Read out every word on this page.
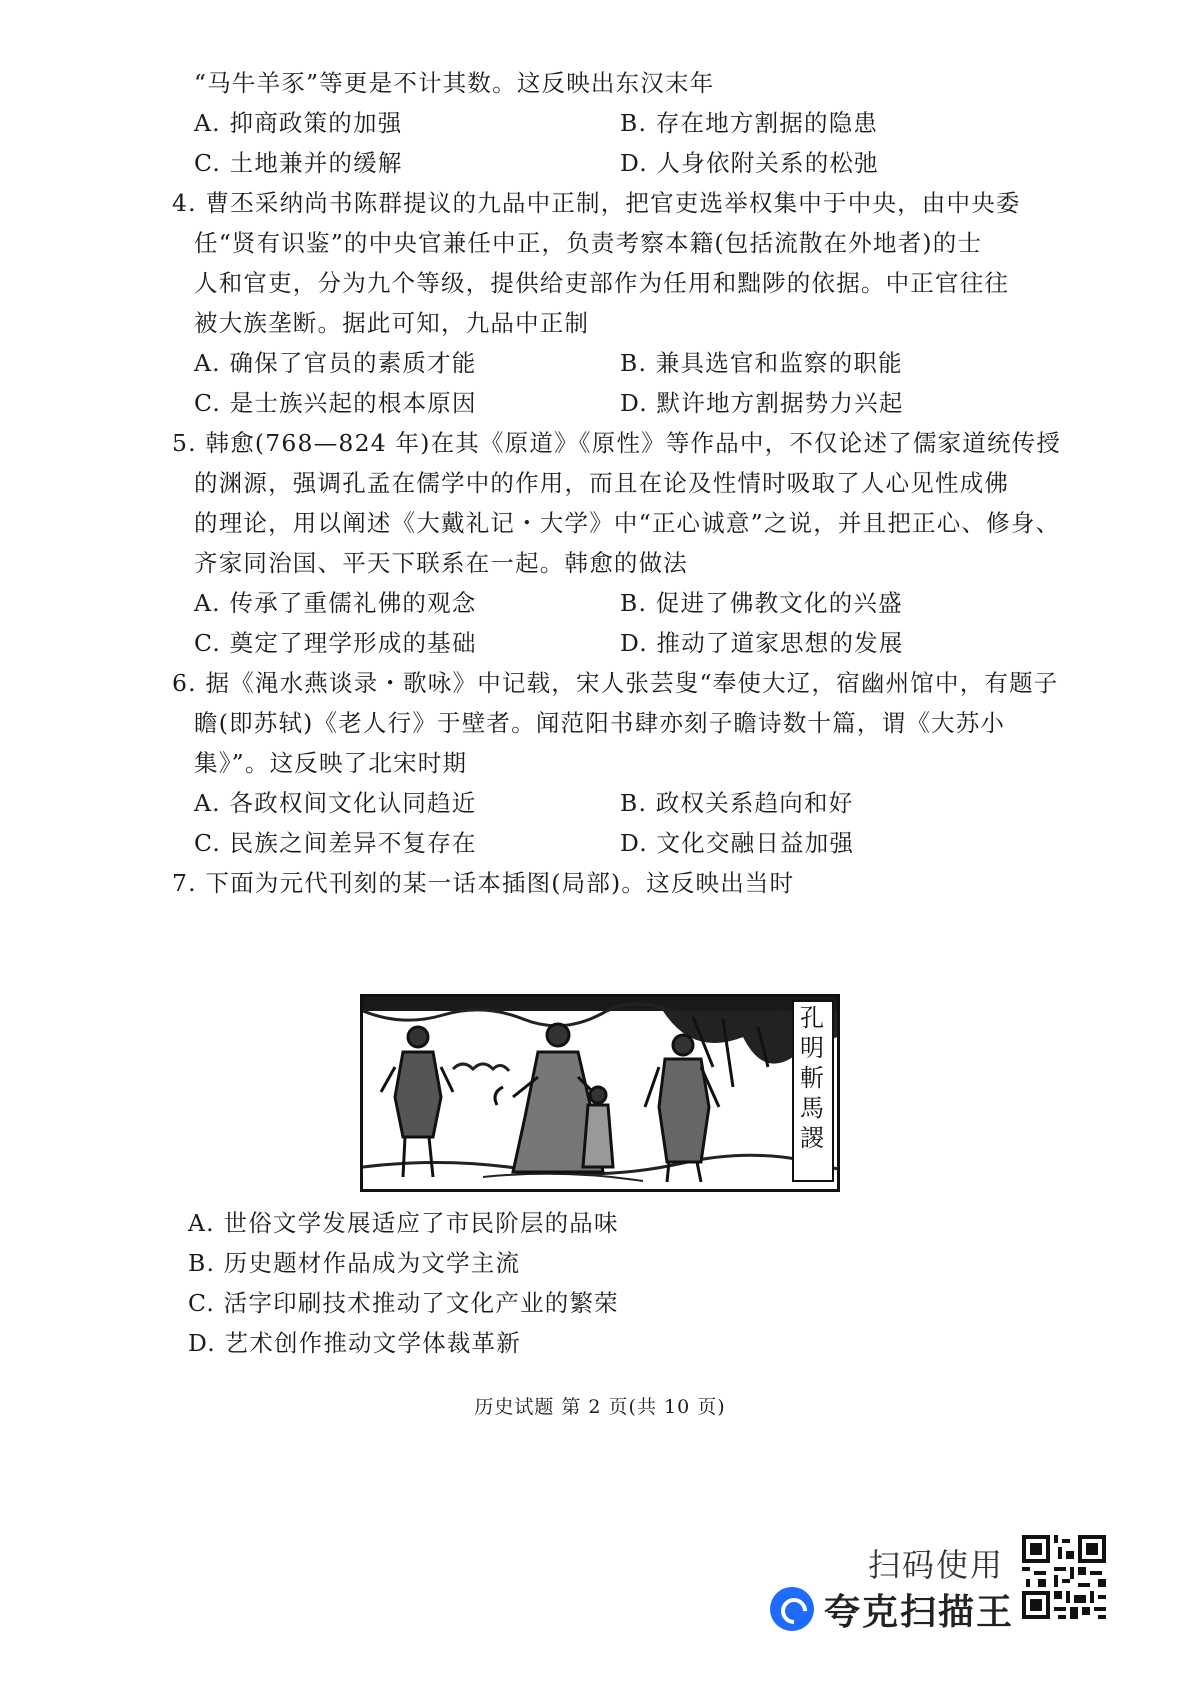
“马牛羊豕”等更是不计其数。这反映出东汉末年
A. 抑商政策的加强	B. 存在地方割据的隐患
C. 土地兼并的缓解	D. 人身依附关系的松弛
4. 曹丕采纳尚书陈群提议的九品中正制，把官吏选举权集中于中央，由中央委
任“贤有识鉴”的中央官兼任中正，负责考察本籍(包括流散在外地者)的士
人和官吏，分为九个等级，提供给吏部作为任用和黜陟的依据。中正官往往
被大族垄断。据此可知，九品中正制
A. 确保了官员的素质才能	B. 兼具选官和监察的职能
C. 是士族兴起的根本原因	D. 默许地方割据势力兴起
5. 韩愈(768—824 年)在其《原道》《原性》等作品中，不仅论述了儒家道统传授
的渊源，强调孔孟在儒学中的作用，而且在论及性情时吸取了人心见性成佛
的理论，用以阐述《大戴礼记・大学》中“正心诚意”之说，并且把正心、修身、
齐家同治国、平天下联系在一起。韩愈的做法
A. 传承了重儒礼佛的观念	B. 促进了佛教文化的兴盛
C. 奠定了理学形成的基础	D. 推动了道家思想的发展
6. 据《渑水燕谈录・歌咏》中记载，宋人张芸叟“奉使大辽，宿幽州馆中，有题子
瞻(即苏轼)《老人行》于壁者。闻范阳书肆亦刻子瞻诗数十篇，谓《大苏小
集》”。这反映了北宋时期
A. 各政权间文化认同趋近	B. 政权关系趋向和好
C. 民族之间差异不复存在	D. 文化交融日益加强
7. 下面为元代刊刻的某一话本插图(局部)。这反映出当时
孔明斬馬謖
A. 世俗文学发展适应了市民阶层的品味
B. 历史题材作品成为文学主流
C. 活字印刷技术推动了文化产业的繁荣
D. 艺术创作推动文学体裁革新
历史试题 第 2 页(共 10 页)
扫码使用
夸克扫描王
